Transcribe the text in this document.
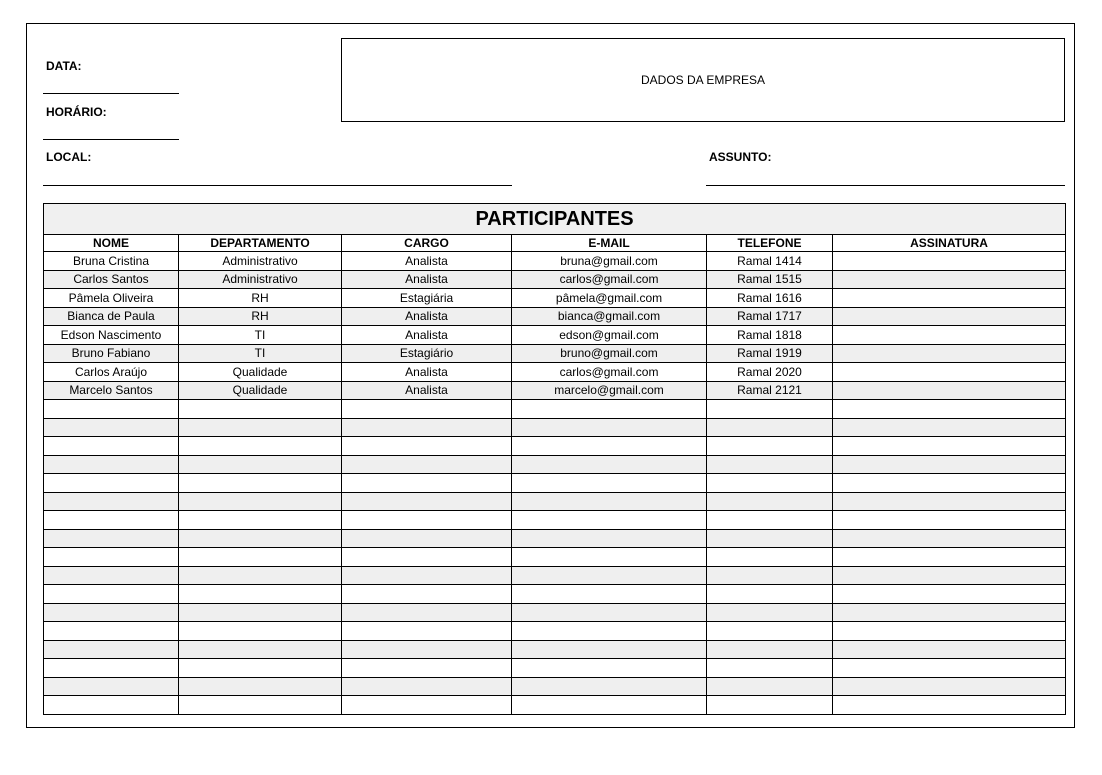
DATA:
HORÁRIO:
LOCAL:	ASSUNTO:
DADOS DA EMPRESA
PARTICIPANTES					
NOME	DEPARTAMENTO	CARGO	E-MAIL	TELEFONE	ASSINATURA
Bruna Cristina	Administrativo	Analista	bruna@gmail.com	Ramal 1414	
Carlos Santos	Administrativo	Analista	carlos@gmail.com	Ramal 1515	
Pâmela Oliveira	RH	Estagiária	pâmela@gmail.com	Ramal 1616	
Bianca de Paula	RH	Analista	bianca@gmail.com	Ramal 1717	
Edson Nascimento	TI	Analista	edson@gmail.com	Ramal 1818	
Bruno Fabiano	TI	Estagiário	bruno@gmail.com	Ramal 1919	
Carlos Araújo	Qualidade	Analista	carlos@gmail.com	Ramal 2020	
Marcelo Santos	Qualidade	Analista	marcelo@gmail.com	Ramal 2121	
